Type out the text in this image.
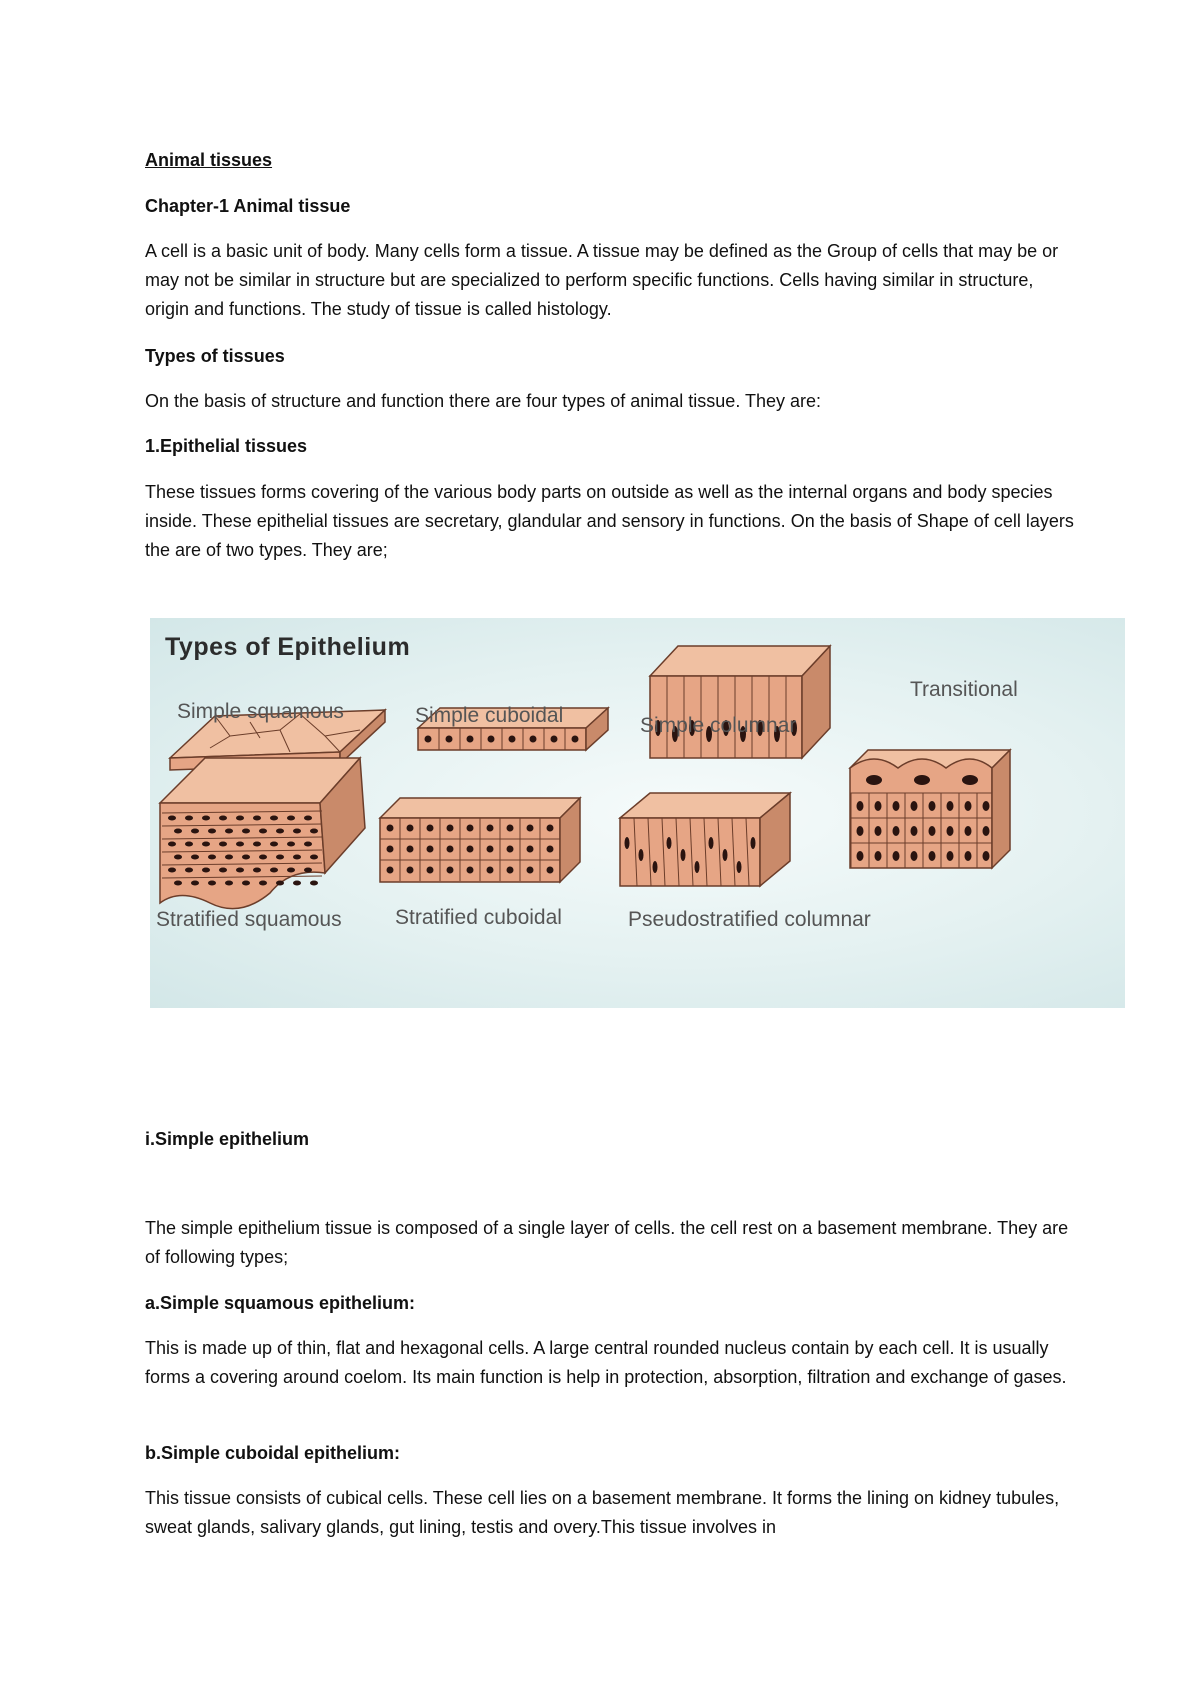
Animal tissues

Chapter-1 Animal tissue

A cell is a basic unit of body. Many cells form a tissue. A tissue may be defined as the Group of cells that may be or may not be similar in structure but are specialized to perform specific functions. Cells having similar in structure, origin and functions. The study of tissue is called histology.

Types of tissues

On the basis of structure and function there are four types of animal tissue. They are:

1.Epithelial tissues

These tissues forms covering of the various body parts on outside as well as the internal organs and body species inside. These epithelial tissues are secretary, glandular and sensory in functions. On the basis of Shape of cell layers the are of two types. They are;

Types of Epithelium
Simple squamous	Simple cuboidal	Simple columnar
Transitional
Stratified squamous	Stratified cuboidal	Pseudostratified columnar

i.Simple epithelium

The simple epithelium tissue is composed of a single layer of cells. the cell rest on a basement membrane. They are of following types;

a.Simple squamous epithelium:

This is made up of thin, flat and hexagonal cells. A large central rounded nucleus contain by each cell. It is usually forms a covering around coelom. Its main function is help in protection, absorption, filtration and exchange of gases.

b.Simple cuboidal epithelium:

This tissue consists of cubical cells. These cell lies on a basement membrane. It forms the lining on kidney tubules, sweat glands, salivary glands, gut lining, testis and overy.This tissue involves in
